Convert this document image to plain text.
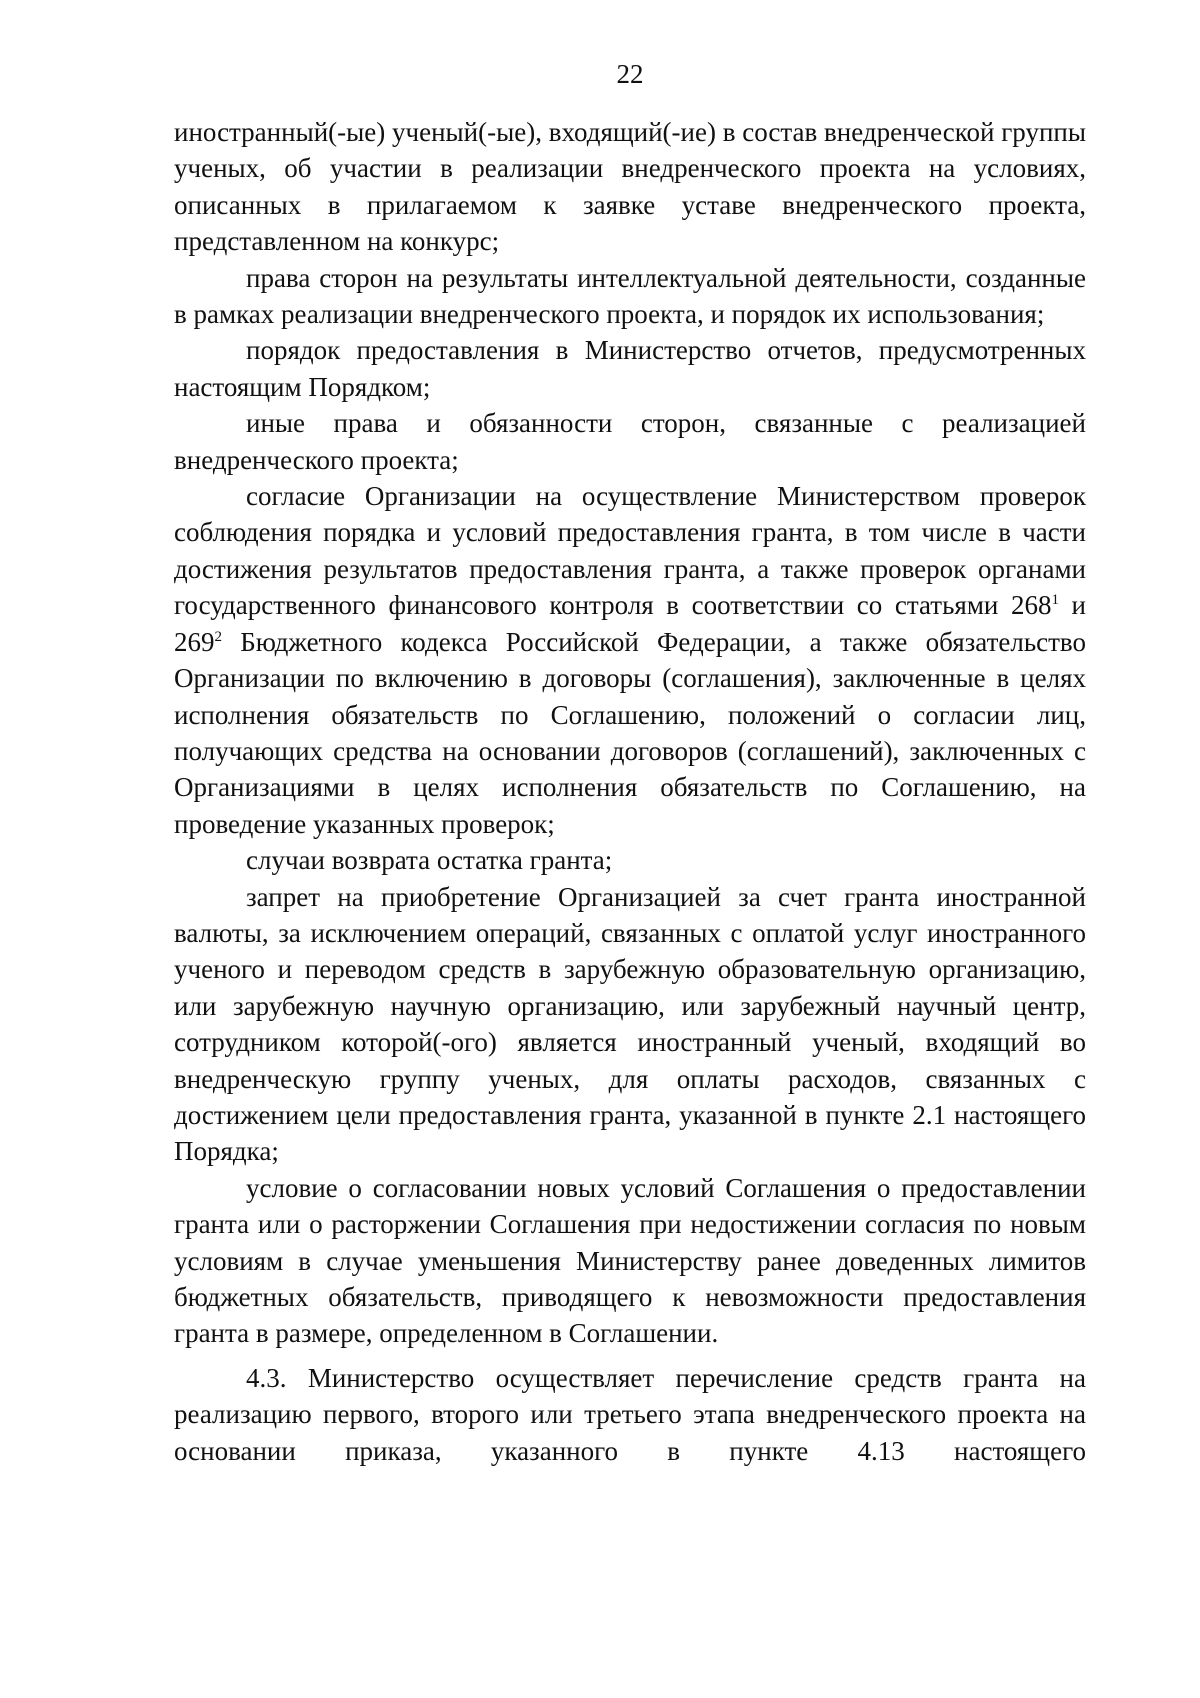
22

иностранный(-ые) ученый(-ые), входящий(-ие) в состав внедренческой группы ученых, об участии в реализации внедренческого проекта на условиях, описанных в прилагаемом к заявке уставе внедренческого проекта, представленном на конкурс;

права сторон на результаты интеллектуальной деятельности, созданные в рамках реализации внедренческого проекта, и порядок их использования;

порядок предоставления в Министерство отчетов, предусмотренных настоящим Порядком;

иные права и обязанности сторон, связанные с реализацией внедренческого проекта;

согласие Организации на осуществление Министерством проверок соблюдения порядка и условий предоставления гранта, в том числе в части достижения результатов предоставления гранта, а также проверок органами государственного финансового контроля в соответствии со статьями $268^1$ и $269^2$ Бюджетного кодекса Российской Федерации, а также обязательство Организации по включению в договоры (соглашения), заключенные в целях исполнения обязательств по Соглашению, положений о согласии лиц, получающих средства на основании договоров (соглашений), заключенных с Организациями в целях исполнения обязательств по Соглашению, на проведение указанных проверок;

случаи возврата остатка гранта;

запрет на приобретение Организацией за счет гранта иностранной валюты, за исключением операций, связанных с оплатой услуг иностранного ученого и переводом средств в зарубежную образовательную организацию, или зарубежную научную организацию, или зарубежный научный центр, сотрудником которой(-ого) является иностранный ученый, входящий во внедренческую группу ученых, для оплаты расходов, связанных с достижением цели предоставления гранта, указанной в пункте 2.1 настоящего Порядка;

условие о согласовании новых условий Соглашения о предоставлении гранта или о расторжении Соглашения при недостижении согласия по новым условиям в случае уменьшения Министерству ранее доведенных лимитов бюджетных обязательств, приводящего к невозможности предоставления гранта в размере, определенном в Соглашении.

4.3. Министерство осуществляет перечисление средств гранта на реализацию первого, второго или третьего этапа внедренческого проекта на основании приказа, указанного в пункте 4.13 настоящего
